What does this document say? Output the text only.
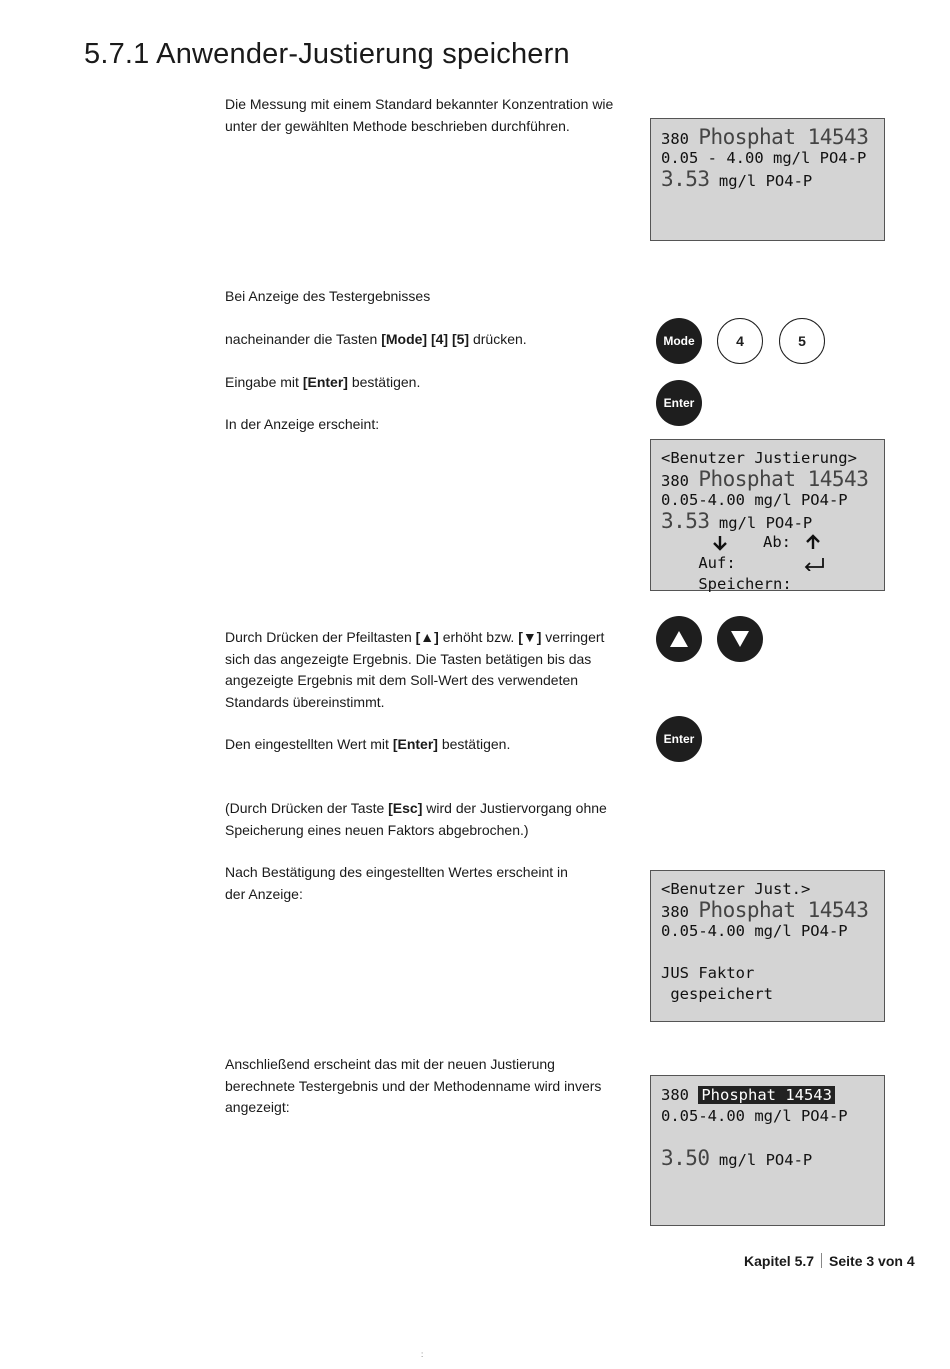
5.7.1 Anwender-Justierung speichern

Die Messung mit einem Standard bekannter Konzentration wie unter der gewählten Methode beschrieben durchführen.

380 Phosphat 14543
0.05 - 4.00 mg/l PO4-P
3.53 mg/l PO4-P

Bei Anzeige des Testergebnisses

nacheinander die Tasten [Mode] [4] [5] drücken.

Eingabe mit [Enter] bestätigen.

In der Anzeige erscheint:

Mode	4	5
Enter
<Benutzer Justierung>
380 Phosphat 14543
0.05-4.00 mg/l PO4-P
3.53 mg/l PO4-P

Auf:

Ab:

Speichern:

Durch Drücken der Pfeiltasten [▲] erhöht bzw. [▼] verringert sich das angezeigte Ergebnis. Die Tasten betätigen bis das angezeigte Ergebnis mit dem Soll-Wert des verwendeten Standards übereinstimmt.

Den eingestellten Wert mit [Enter] bestätigen.	Enter

(Durch Drücken der Taste [Esc] wird der Justiervorgang ohne Speicherung eines neuen Faktors abgebrochen.)

Nach Bestätigung des eingestellten Wertes erscheint in der Anzeige:	<Benutzer Just.>
380 Phosphat 14543
0.05-4.00 mg/l PO4-P
JUS Faktor
gespeichert

Anschließend erscheint das mit der neuen Justierung berechnete Testergebnis und der Methodenname wird invers angezeigt:

380 Phosphat 14543
0.05-4.00 mg/l PO4-P
3.50 mg/l PO4-P
Kapitel 5.7 Seite 3 von 4
:
